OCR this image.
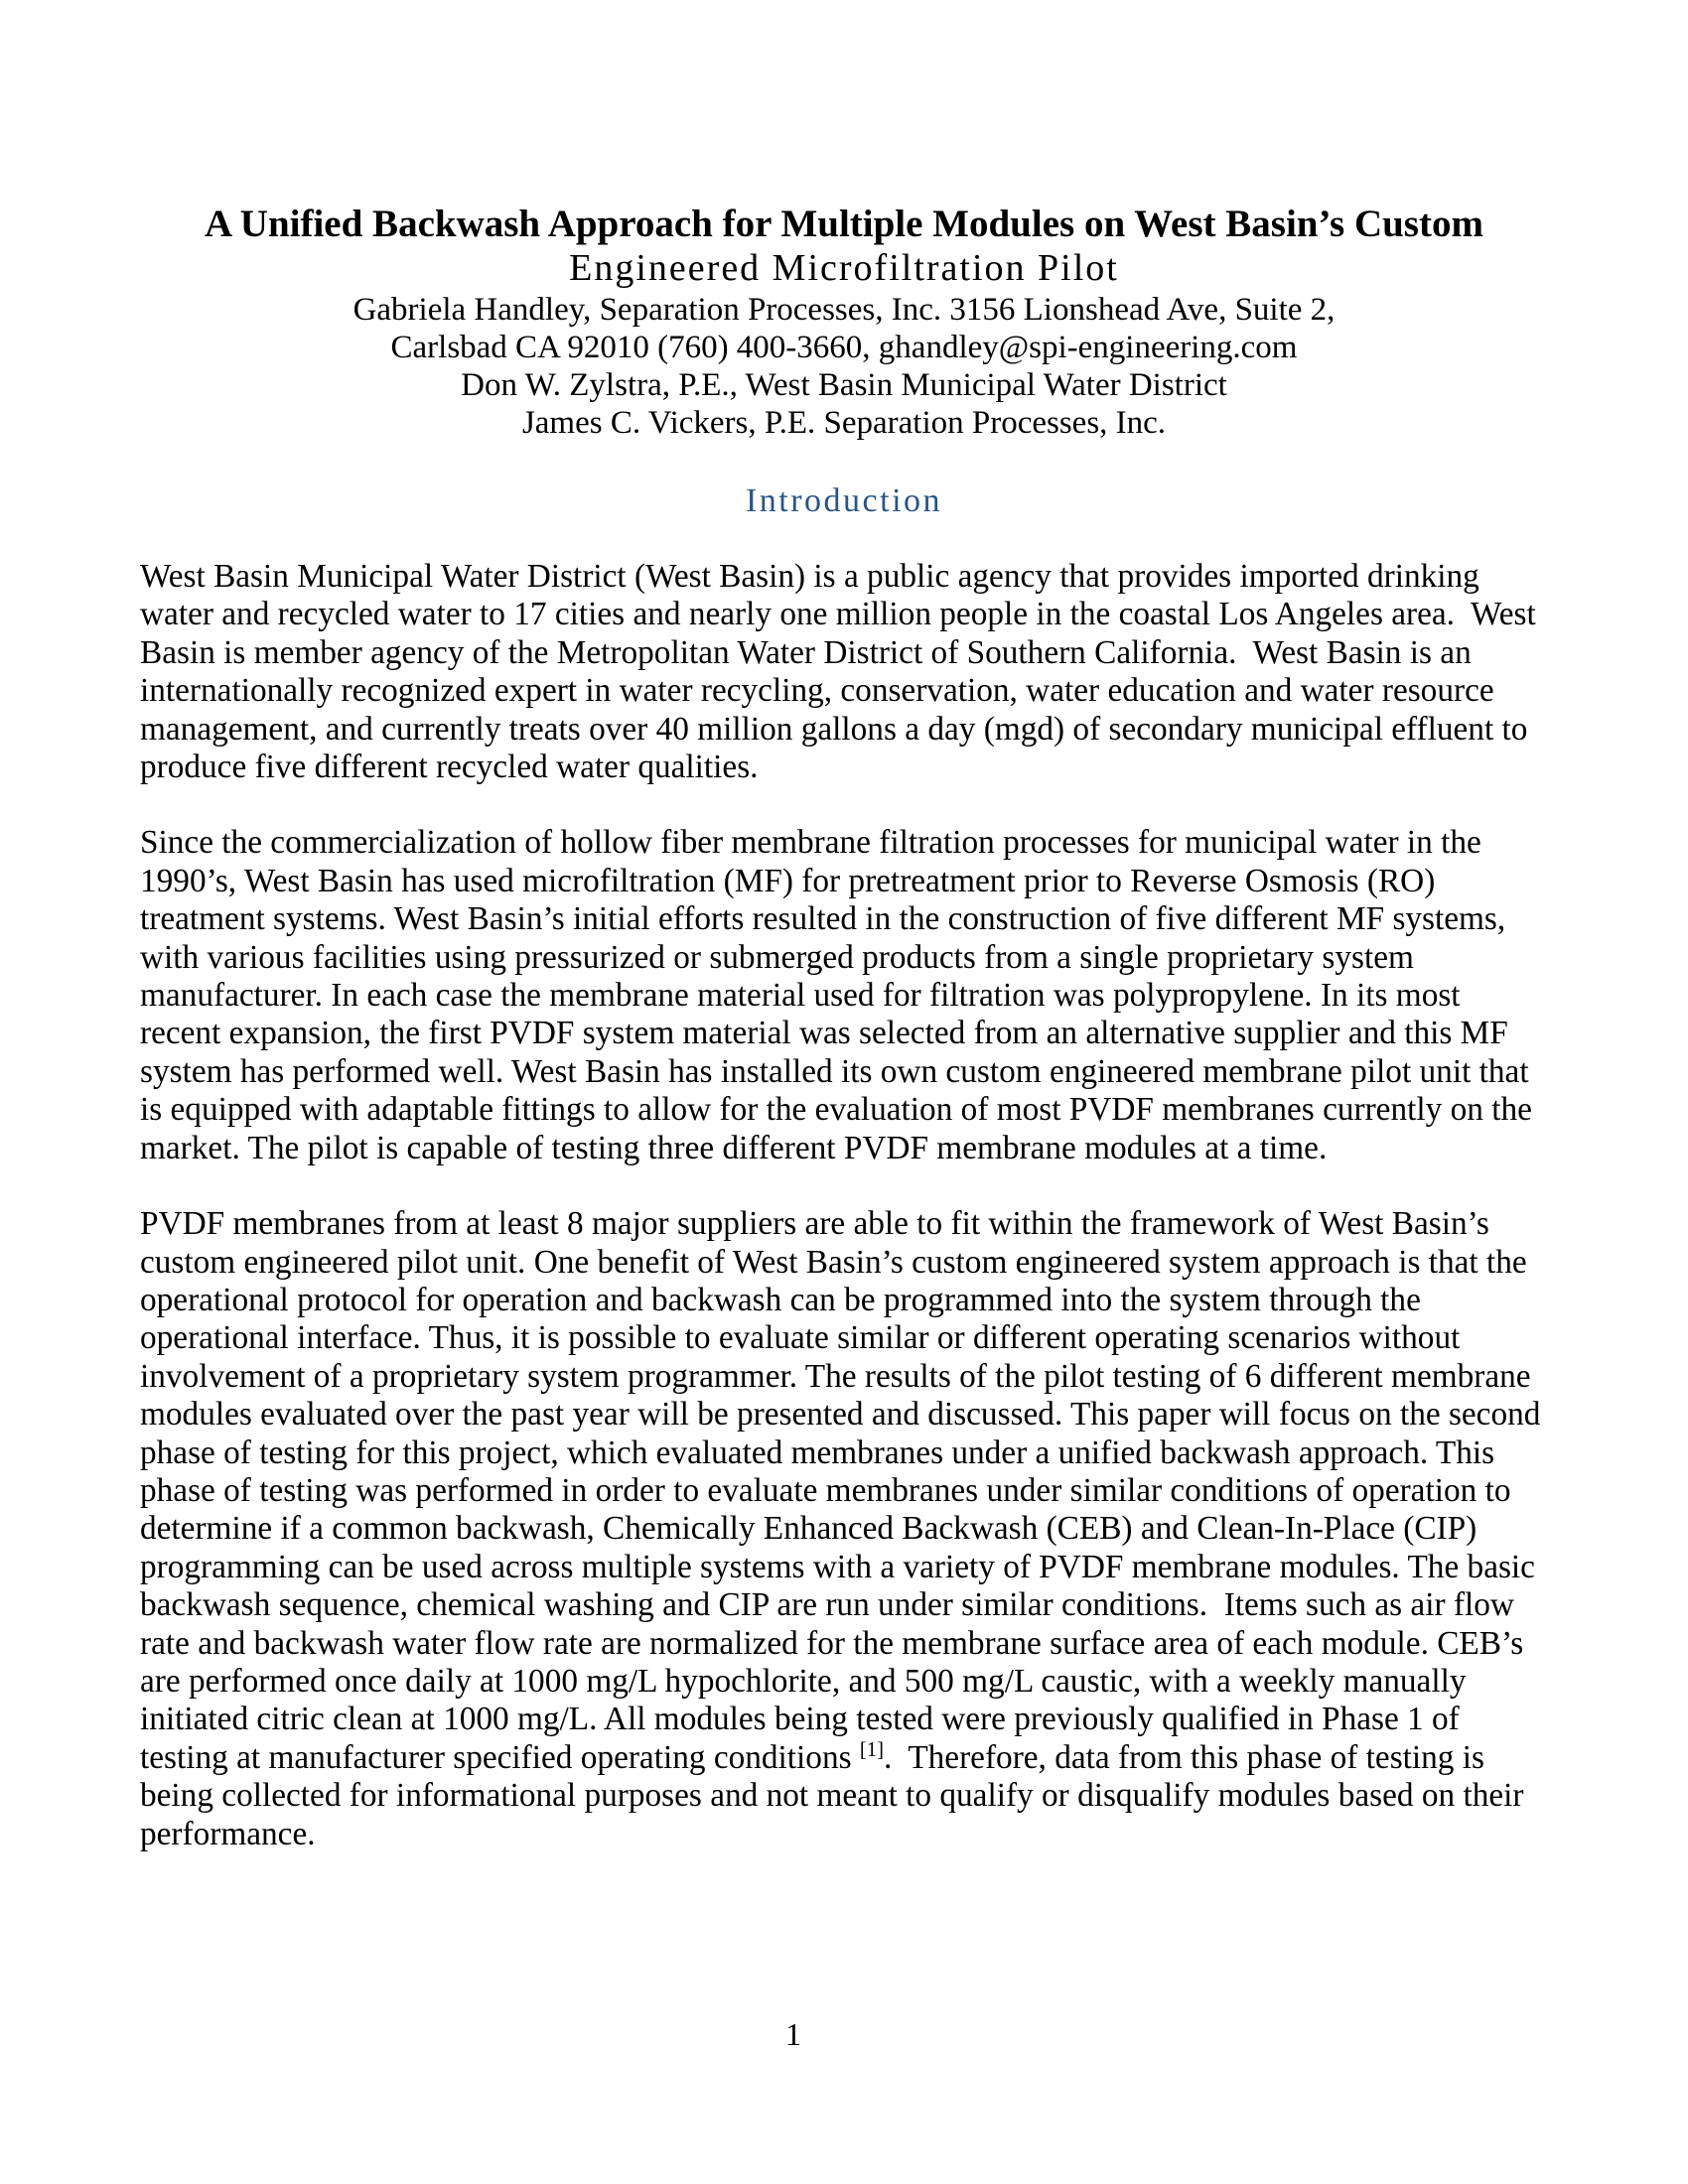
A Unified Backwash Approach for Multiple Modules on West Basin’s Custom
Engineered Microfiltration Pilot
Gabriela Handley, Separation Processes, Inc. 3156 Lionshead Ave, Suite 2,
Carlsbad CA 92010 (760) 400-3660, ghandley@spi-engineering.com
Don W. Zylstra, P.E., West Basin Municipal Water District
James C. Vickers, P.E. Separation Processes, Inc.
Introduction

West Basin Municipal Water District (West Basin) is a public agency that provides imported drinking water and recycled water to 17 cities and nearly one million people in the coastal Los Angeles area.  West Basin is member agency of the Metropolitan Water District of Southern California.  West Basin is an internationally recognized expert in water recycling, conservation, water education and water resource management, and currently treats over 40 million gallons a day (mgd) of secondary municipal effluent to produce five different recycled water qualities.

Since the commercialization of hollow fiber membrane filtration processes for municipal water in the 1990’s, West Basin has used microfiltration (MF) for pretreatment prior to Reverse Osmosis (RO) treatment systems. West Basin’s initial efforts resulted in the construction of five different MF systems, with various facilities using pressurized or submerged products from a single proprietary system manufacturer. In each case the membrane material used for filtration was polypropylene. In its most recent expansion, the first PVDF system material was selected from an alternative supplier and this MF system has performed well. West Basin has installed its own custom engineered membrane pilot unit that is equipped with adaptable fittings to allow for the evaluation of most PVDF membranes currently on the market. The pilot is capable of testing three different PVDF membrane modules at a time.

PVDF membranes from at least 8 major suppliers are able to fit within the framework of West Basin’s custom engineered pilot unit. One benefit of West Basin’s custom engineered system approach is that the operational protocol for operation and backwash can be programmed into the system through the operational interface. Thus, it is possible to evaluate similar or different operating scenarios without involvement of a proprietary system programmer. The results of the pilot testing of 6 different membrane modules evaluated over the past year will be presented and discussed. This paper will focus on the second phase of testing for this project, which evaluated membranes under a unified backwash approach. This phase of testing was performed in order to evaluate membranes under similar conditions of operation to determine if a common backwash, Chemically Enhanced Backwash (CEB) and Clean-In-Place (CIP) programming can be used across multiple systems with a variety of PVDF membrane modules. The basic backwash sequence, chemical washing and CIP are run under similar conditions.  Items such as air flow rate and backwash water flow rate are normalized for the membrane surface area of each module. CEB’s are performed once daily at 1000 mg/L hypochlorite, and 500 mg/L caustic, with a weekly manually initiated citric clean at 1000 mg/L. All modules being tested were previously qualified in Phase 1 of testing at manufacturer specified operating conditions [1].  Therefore, data from this phase of testing is being collected for informational purposes and not meant to qualify or disqualify modules based on their performance.

1
